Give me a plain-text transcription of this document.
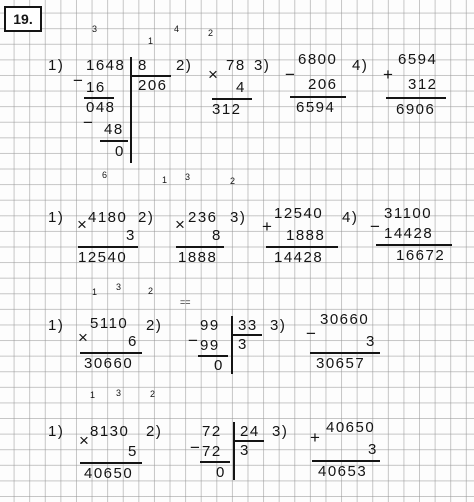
19.
3
1
4	2
1) 1648 8
206
− 16
048
− 48
0
2) × 78
4
312
3) 6800
−
206
6594
4) 6594
+
312
6906
6	1 3	2
1) 4180
×
3
12540
2) × 236
8
1888
3) 12540
+ 1888
14428
4) 31100
− 14428
16672
1 3	2
==
1) 5110
×	6
30660
2)	99 33
3
− 99
0
3) 30660
−	3
30657
1 3	2
1) 8130
×
5
40650
2)	72 24
3
− 72
0
3)	40650
+
3
40653
